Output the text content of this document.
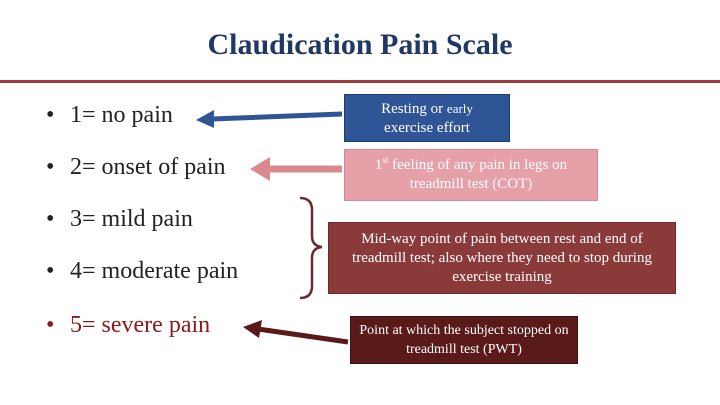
Claudication Pain Scale
• 1= no pain
• 2= onset of pain
• 3= mild pain
• 4= moderate pain
• 5= severe pain
Resting or early
exercise effort
1st feeling of any pain in legs on treadmill test (COT)
Mid-way point of pain between rest and end of treadmill test; also where they need to stop during exercise training
Point at which the subject stopped on treadmill test (PWT)
